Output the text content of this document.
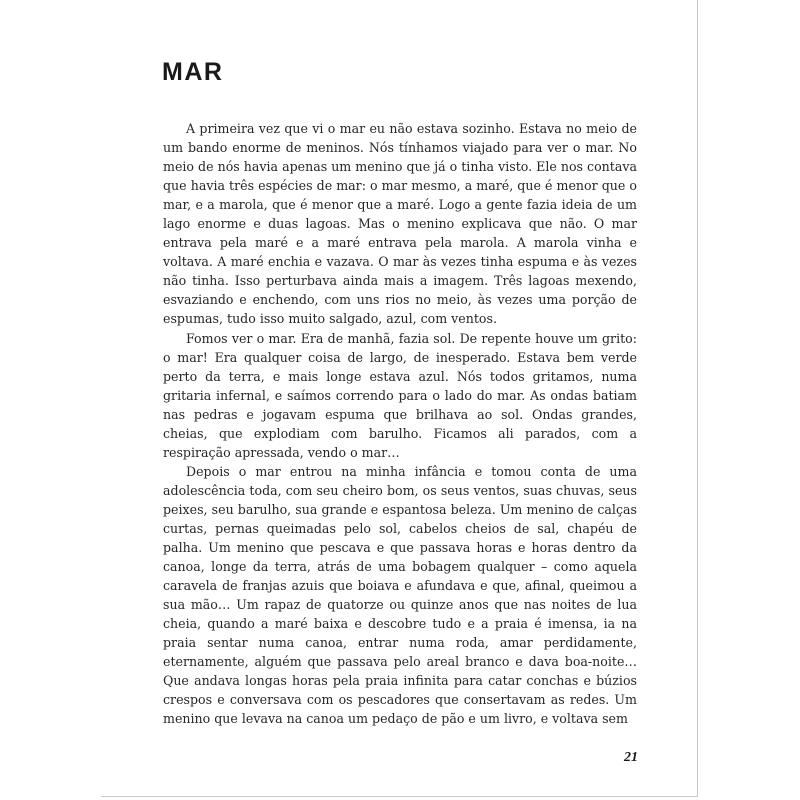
MAR

A primeira vez que vi o mar eu não estava sozinho. Estava no meio de um bando enorme de meninos. Nós tínhamos viajado para ver o mar. No meio de nós havia apenas um menino que já o tinha visto. Ele nos contava que havia três espécies de mar: o mar mesmo, a maré, que é menor que o mar, e a marola, que é menor que a maré. Logo a gente fazia ideia de um lago enorme e duas lagoas. Mas o menino explicava que não. O mar entrava pela maré e a maré entrava pela marola. A marola vinha e voltava. A maré enchia e vazava. O mar às vezes tinha espuma e às vezes não tinha. Isso perturbava ainda mais a imagem. Três lagoas mexendo, esvaziando e enchendo, com uns rios no meio, às vezes uma porção de espumas, tudo isso muito salgado, azul, com ventos.

Fomos ver o mar. Era de manhã, fazia sol. De repente houve um grito: o mar! Era qualquer coisa de largo, de inesperado. Estava bem verde perto da terra, e mais longe estava azul. Nós todos gritamos, numa gritaria infernal, e saímos correndo para o lado do mar. As ondas batiam nas pedras e jogavam espuma que brilhava ao sol. Ondas grandes, cheias, que explodiam com barulho. Ficamos ali parados, com a respiração apressada, vendo o mar…

Depois o mar entrou na minha infância e tomou conta de uma adolescência toda, com seu cheiro bom, os seus ventos, suas chuvas, seus peixes, seu barulho, sua grande e espantosa beleza. Um menino de calças curtas, pernas queimadas pelo sol, cabelos cheios de sal, chapéu de palha. Um menino que pescava e que passava horas e horas dentro da canoa, longe da terra, atrás de uma bobagem qualquer – como aquela caravela de franjas azuis que boiava e afundava e que, afinal, queimou a sua mão… Um rapaz de quatorze ou quinze anos que nas noites de lua cheia, quando a maré baixa e descobre tudo e a praia é imensa, ia na praia sentar numa canoa, entrar numa roda, amar perdidamente, eternamente, alguém que passava pelo areal branco e dava boa-noite… Que andava longas horas pela praia infinita para catar conchas e búzios crespos e conversava com os pescadores que consertavam as redes. Um menino que levava na canoa um pedaço de pão e um livro, e voltava sem

21
